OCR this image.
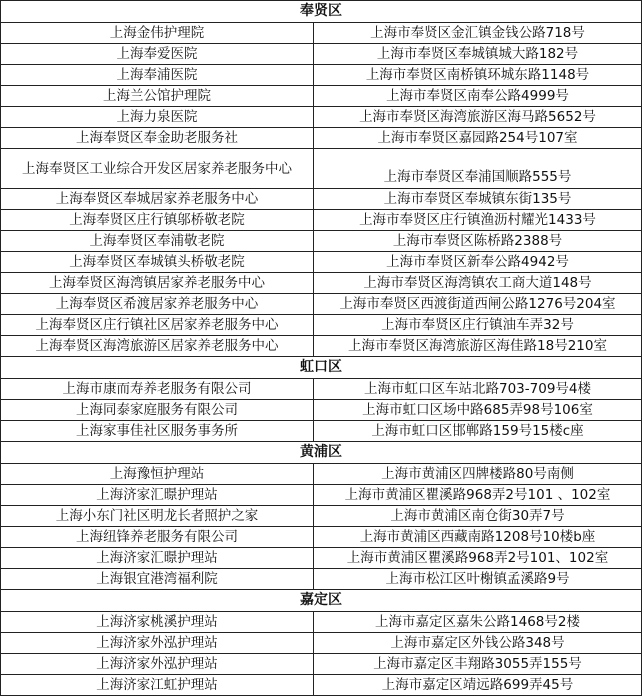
奉贤区	
上海金伟护理院	上海市奉贤区金汇镇金钱公路718号
上海奉爱医院	上海市奉贤区奉城镇城大路182号
上海奉浦医院	上海市奉贤区南桥镇环城东路1148号
上海兰公馆护理院	上海市奉贤区南奉公路4999号
上海力泉医院	上海市奉贤区海湾旅游区海马路5652号
上海奉贤区奉金助老服务社	上海市奉贤区嘉园路254号107室
上海奉贤区工业综合开发区居家养老服务中心	上海市奉贤区奉浦国顺路555号
上海奉贤区奉城居家养老服务中心	上海市奉贤区奉城镇东街135号
上海奉贤区庄行镇邬桥敬老院	上海市奉贤区庄行镇渔沥村耀光1433号
上海奉贤区奉浦敬老院	上海市奉贤区陈桥路2388号
上海奉贤区奉城镇头桥敬老院	上海市奉贤区新奉公路4942号
上海奉贤区海湾镇居家养老服务中心	上海市奉贤区海湾镇农工商大道148号
上海奉贤区希渡居家养老服务中心	上海市奉贤区西渡街道西闸公路1276号204室
上海奉贤区庄行镇社区居家养老服务中心	上海市奉贤区庄行镇油车弄32号
上海奉贤区海湾旅游区居家养老服务中心	上海市奉贤区海湾旅游区海佳路18号210室
虹口区	
上海市康而寿养老服务有限公司	上海市虹口区车站北路703-709号4楼
上海同泰家庭服务有限公司	上海市虹口区场中路685弄98号106室
上海家事佳社区服务事务所	上海市虹口区邯郸路159号15楼c座
黄浦区	
上海豫恒护理站	上海市黄浦区四牌楼路80号南侧
上海济家汇暻护理站	上海市黄浦区瞿溪路968弄2号101 、102室
上海小东门社区明龙长者照护之家	上海市黄浦区南仓街30弄7号
上海纽锋养老服务有限公司	上海市黄浦区西藏南路1208号10楼b座
上海济家汇暻护理站	上海市黄浦区瞿溪路968弄2号101、102室
上海银宜港湾福利院	上海市松江区叶榭镇孟溪路9号
嘉定区	
上海济家桃溪护理站	上海市嘉定区嘉朱公路1468号2楼
上海济家外泓护理站	上海市嘉定区外钱公路348号
上海济家外泓护理站	上海市嘉定区丰翔路3055弄155号
上海济家江虹护理站	上海市嘉定区靖远路699弄45号
